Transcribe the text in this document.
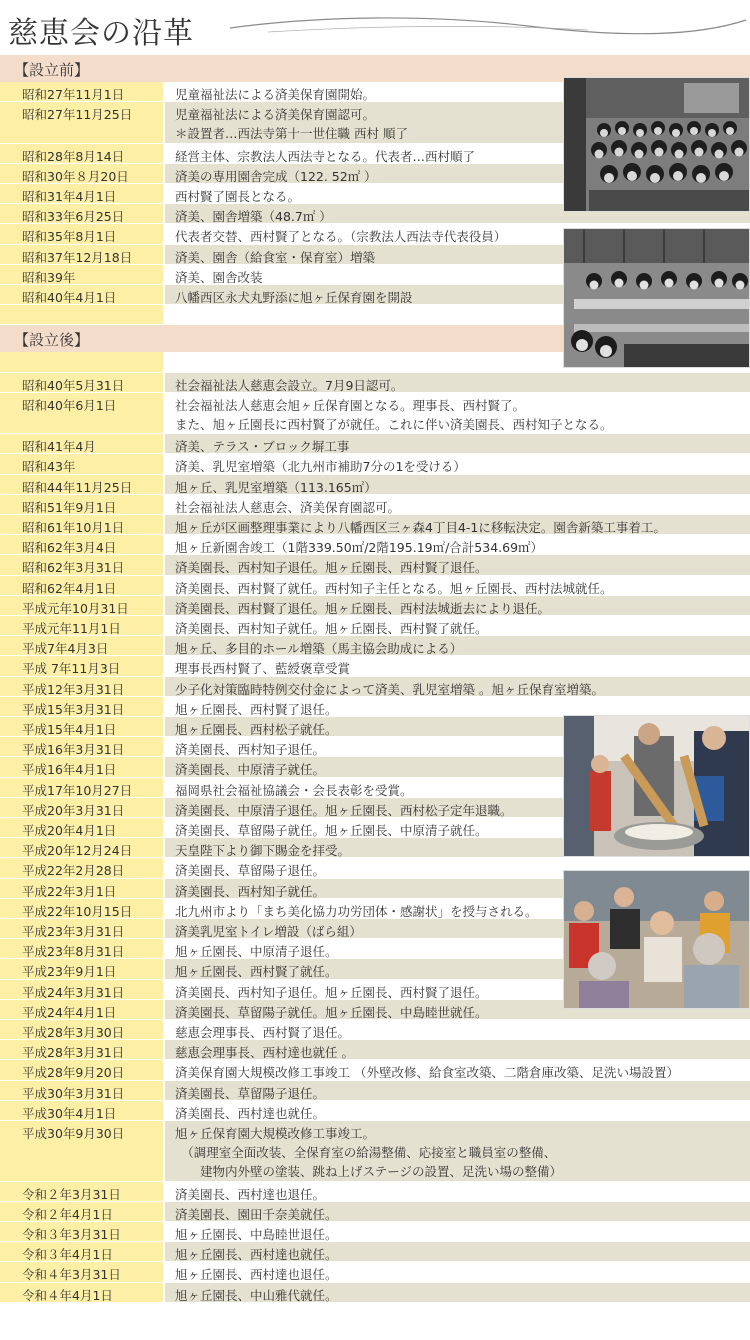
慈恵会の沿革
【設立前】
昭和27年11月1日	児童福祉法による済美保育園開始。
昭和27年11月25日	児童福祉法による済美保育園認可。
＊設置者…西法寺第十一世住職 西村 順了
昭和28年8月14日	経営主体、宗教法人西法寺となる。代表者…西村順了
昭和30年８月20日	済美の専用園舎完成（122. 52㎡ ）
昭和31年4月1日	西村賢了園長となる。
昭和33年6月25日	済美、園舎増築（48.7㎡ ）
昭和35年8月1日	代表者交替、西村賢了となる。（宗教法人西法寺代表役員）
昭和37年12月18日	済美、園舎（給食室・保育室）増築
昭和39年	済美、園舎改装
昭和40年4月1日	八幡西区永犬丸野添に旭ヶ丘保育園を開設
【設立後】
昭和40年5月31日	社会福祉法人慈恵会設立。7月9日認可。
昭和40年6月1日	社会福祉法人慈恵会旭ヶ丘保育園となる。理事長、西村賢了。
また、旭ヶ丘園長に西村賢了が就任。これに伴い済美園長、西村知子となる。
昭和41年4月	済美、テラス・ブロック塀工事
昭和43年	済美、乳児室増築（北九州市補助7分の1を受ける）
昭和44年11月25日	旭ヶ丘、乳児室増築（113.165㎡）
昭和51年9月1日	社会福祉法人慈恵会、済美保育園認可。
昭和61年10月1日	旭ヶ丘が区画整理事業により八幡西区三ヶ森4丁目4-1に移転決定。園舎新築工事着工。
昭和62年3月4日	旭ヶ丘新園舎竣工（1階339.50㎡/2階195.19㎡/合計534.69㎡）
昭和62年3月31日	済美園長、西村知子退任。旭ヶ丘園長、西村賢了退任。
昭和62年4月1日	済美園長、西村賢了就任。西村知子主任となる。旭ヶ丘園長、西村法城就任。
平成元年10月31日	済美園長、西村賢了退任。旭ヶ丘園長、西村法城逝去により退任。
平成元年11月1日	済美園長、西村知子就任。旭ヶ丘園長、西村賢了就任。
平成7年4月3日	旭ヶ丘、多目的ホール増築（馬主協会助成による）
平成 7年11月3日	理事長西村賢了、藍綬褒章受賞
平成12年3月31日	少子化対策臨時特例交付金によって済美、乳児室増築 。旭ヶ丘保育室増築。
平成15年3月31日	旭ヶ丘園長、西村賢了退任。
平成15年4月1日	旭ヶ丘園長、西村松子就任。
平成16年3月31日	済美園長、西村知子退任。
平成16年4月1日	済美園長、中原清子就任。
平成17年10月27日	福岡県社会福祉協議会・会長表彰を受賞。
平成20年3月31日	済美園長、中原清子退任。旭ヶ丘園長、西村松子定年退職。
平成20年4月1日	済美園長、草留陽子就任。旭ヶ丘園長、中原清子就任。
平成20年12月24日	天皇陛下より御下賜金を拝受。
平成22年2月28日	済美園長、草留陽子退任。
平成22年3月1日	済美園長、西村知子就任。
平成22年10月15日	北九州市より「まち美化協力功労団体・感謝状」を授与される。
平成23年3月31日	済美乳児室トイレ増設（ばら組）
平成23年8月31日	旭ヶ丘園長、中原清子退任。
平成23年9月1日	旭ヶ丘園長、西村賢了就任。
平成24年3月31日	済美園長、西村知子退任。旭ヶ丘園長、西村賢了退任。
平成24年4月1日	済美園長、草留陽子就任。旭ヶ丘園長、中島睦世就任。
平成28年3月30日	慈恵会理事長、西村賢了退任。
平成28年3月31日	慈恵会理事長、西村達也就任 。
平成28年9月20日	済美保育園大規模改修工事竣工 （外壁改修、給食室改築、二階倉庫改築、足洗い場設置）
平成30年3月31日	済美園長、草留陽子退任。
平成30年4月1日	済美園長、西村達也就任。
平成30年9月30日	旭ヶ丘保育園大規模改修工事竣工。
　（調理室全面改装、全保育室の給湯整備、応接室と職員室の整備、
　　建物内外壁の塗装、跳ね上げステージの設置、足洗い場の整備）
令和２年3月31日	済美園長、西村達也退任。
令和２年4月1日	済美園長、園田千奈美就任。
令和３年3月31日	旭ヶ丘園長、中島睦世退任。
令和３年4月1日	旭ヶ丘園長、西村達也就任。
令和４年3月31日	旭ヶ丘園長、西村達也退任。
令和４年4月1日	旭ヶ丘園長、中山雅代就任。
